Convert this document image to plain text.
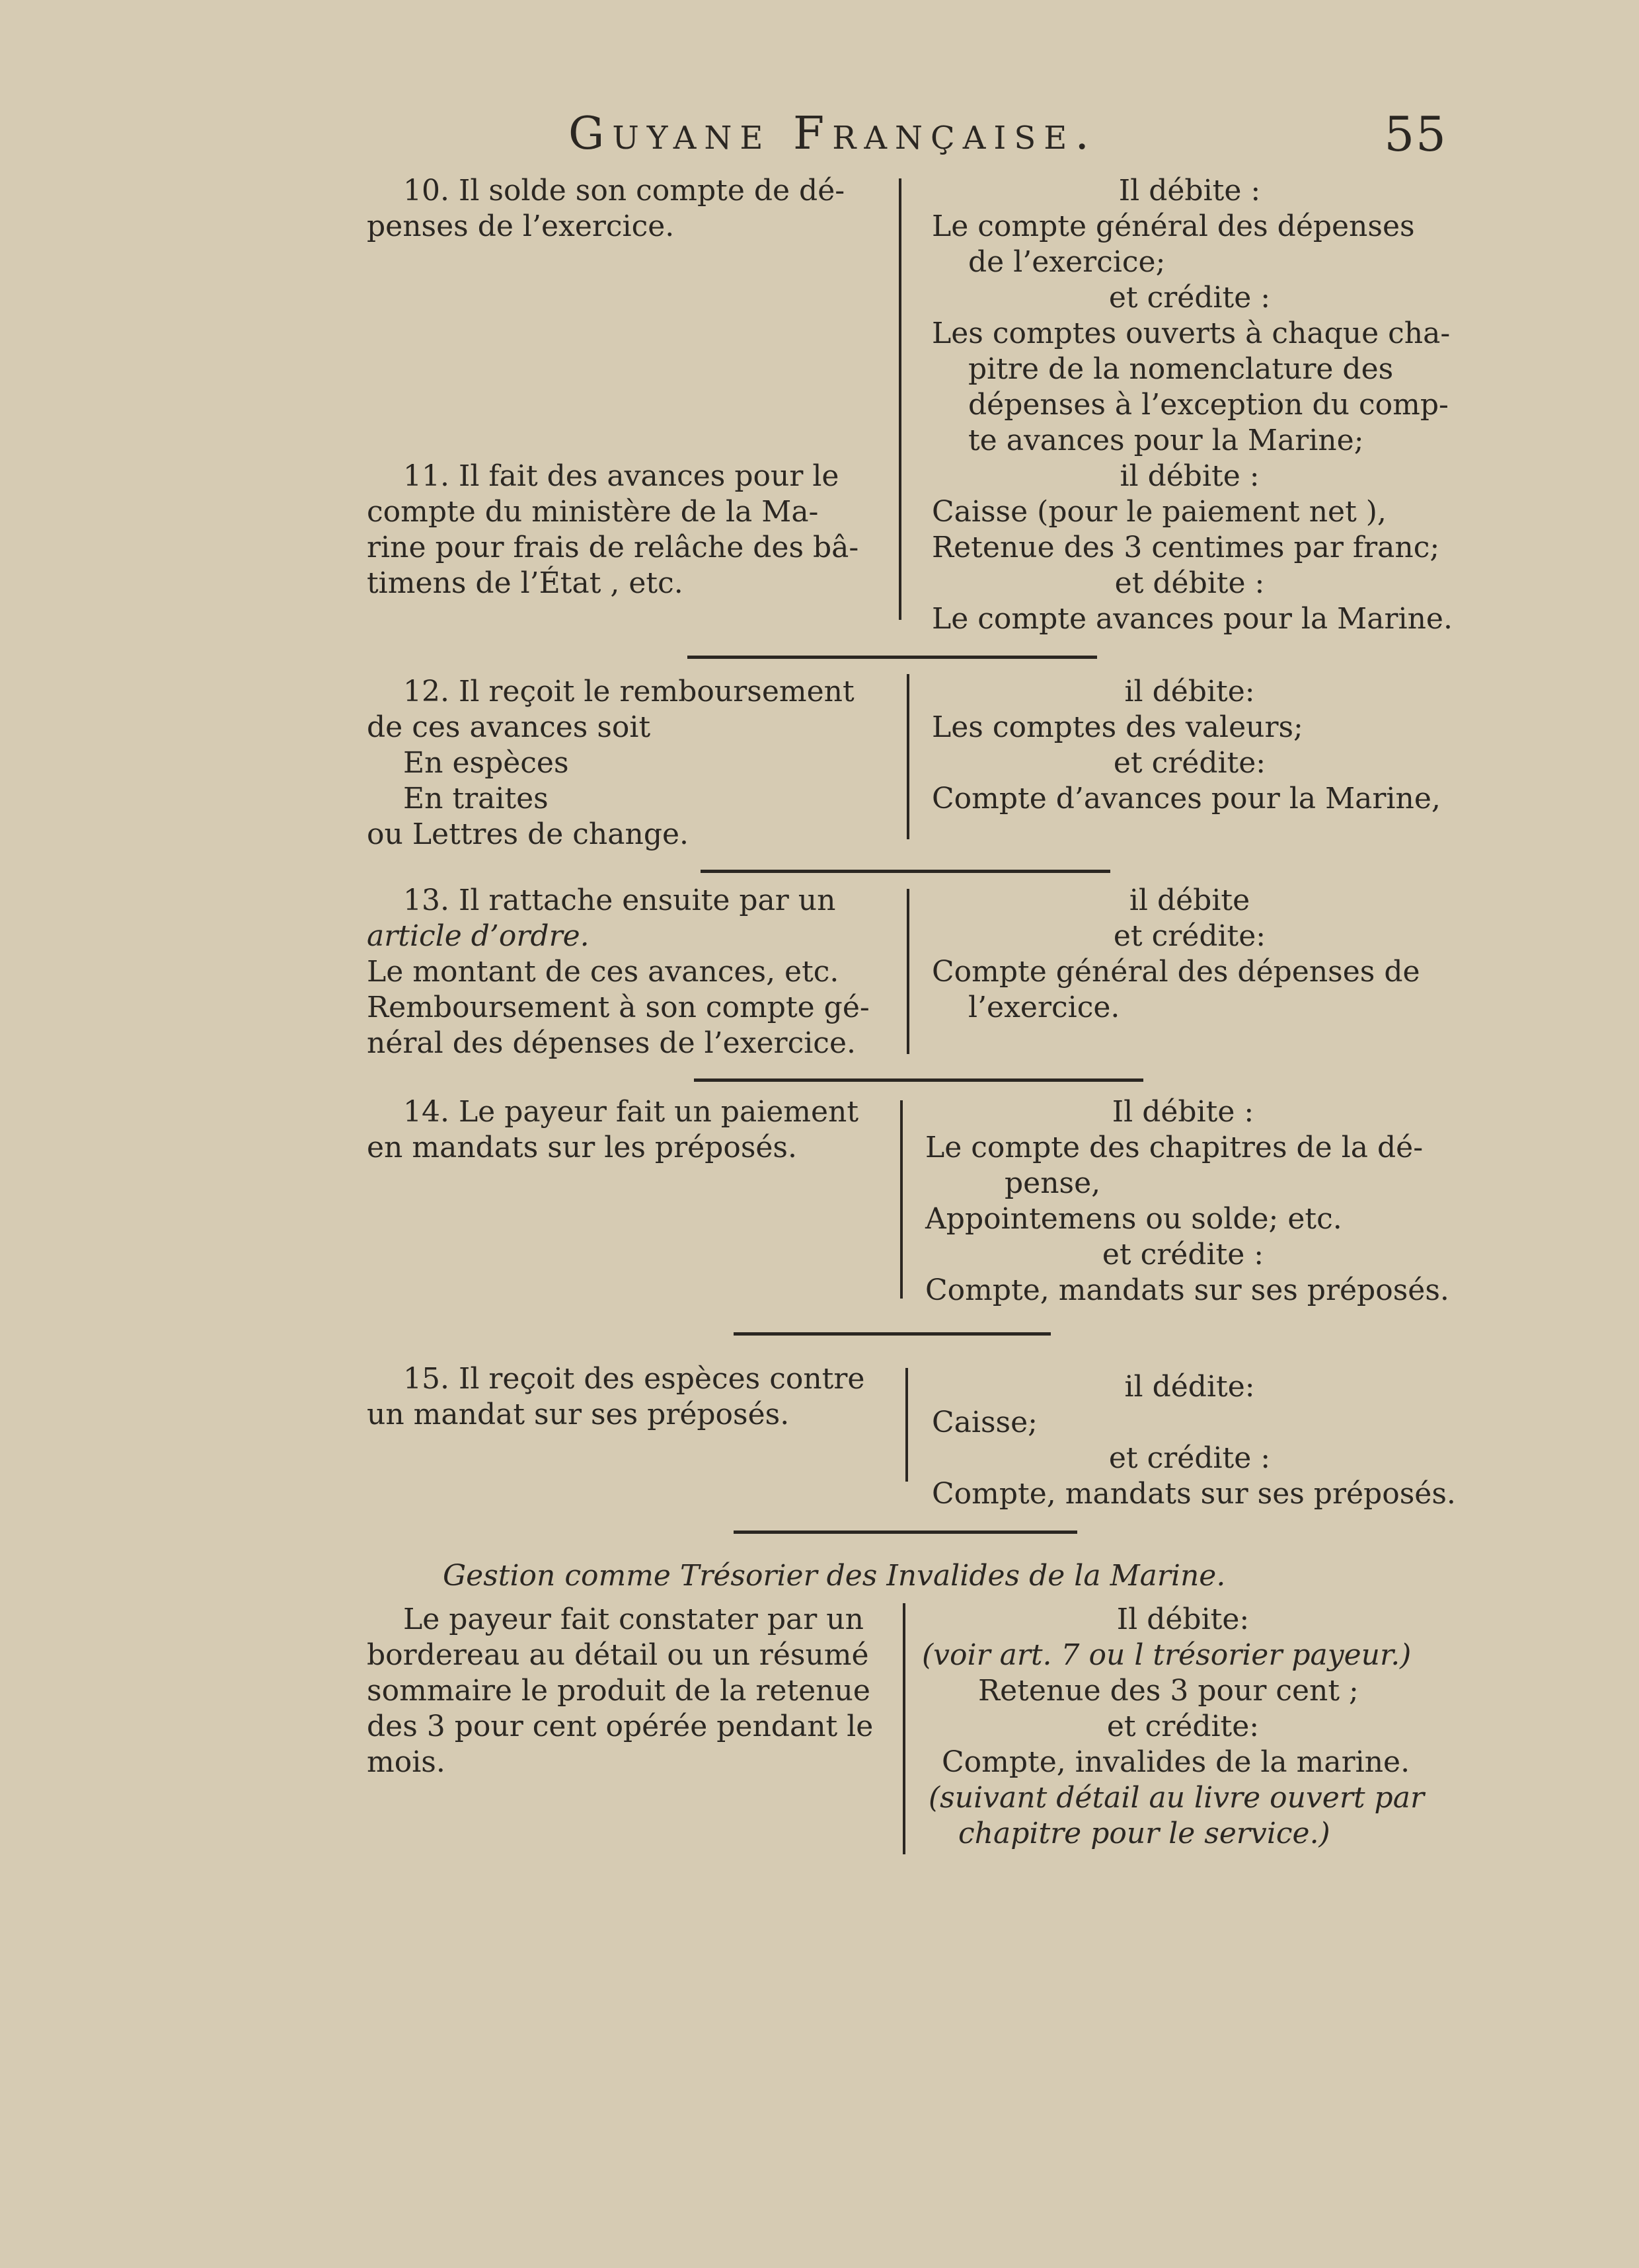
Guyane Française.	55
10. Il solde son compte de dé-
penses de l’exercice.
Il débite :
Le compte général des dépenses
de l’exercice;
et crédite :
Les comptes ouverts à chaque cha-
pitre de la nomenclature des
dépenses à l’exception du comp-
te avances pour la Marine;
11. Il fait des avances pour le
compte du ministère de la Ma-
rine pour frais de relâche des bâ-
timens de l’État , etc.
il débite :
Caisse (pour le paiement net ),
Retenue des 3 centimes par franc;
et débite :
Le compte avances pour la Marine.
12. Il reçoit le remboursement
de ces avances soit
En espèces
En traites
ou Lettres de change.
il débite:
Les comptes des valeurs;
et crédite:
Compte d’avances pour la Marine,
13. Il rattache ensuite par un
article d’ordre.
Le montant de ces avances, etc.
Remboursement à son compte gé-
néral des dépenses de l’exercice.
il débite
et crédite:
Compte général des dépenses de
l’exercice.
14. Le payeur fait un paiement
en mandats sur les préposés.
Il débite :
Le compte des chapitres de la dé-
pense,
Appointemens ou solde; etc.
et crédite :
Compte, mandats sur ses préposés.
15. Il reçoit des espèces contre
un mandat sur ses préposés.
il dédite:
Caisse;
et crédite :
Compte, mandats sur ses préposés.
Gestion comme Trésorier des Invalides de la Marine.
Le payeur fait constater par un
bordereau au détail ou un résumé
sommaire le produit de la retenue
des 3 pour cent opérée pendant le
mois.
Il débite:
(voir art. 7 ou l trésorier payeur.)
Retenue des 3 pour cent ;
et crédite:
Compte, invalides de la marine.
(suivant détail au livre ouvert par
chapitre pour le service.)
